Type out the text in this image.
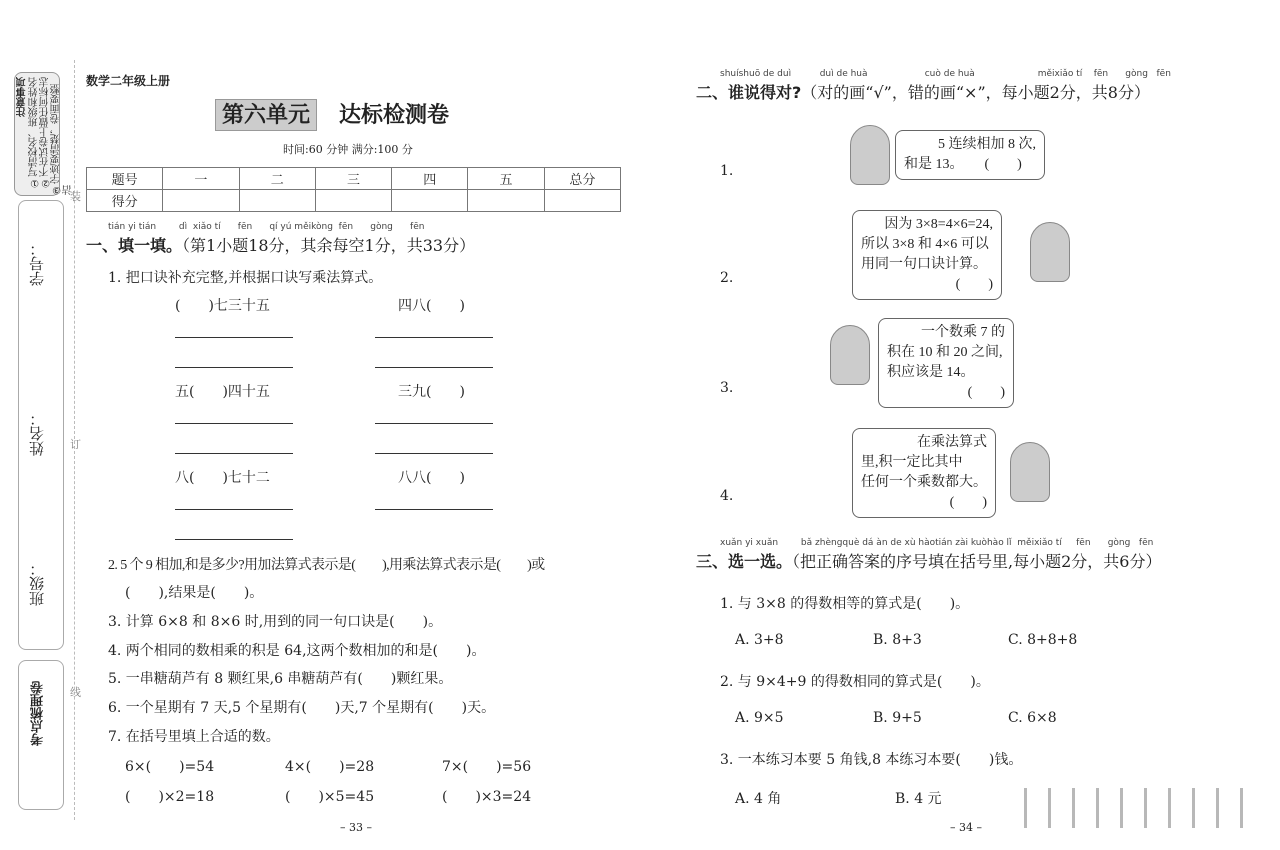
注意事项 ①写清校名、班级和姓名 ②不在试卷上做任何标志 ③字迹要清楚，卷面要整洁
学号：
姓名：
班级：
考点梳理卷
装
订
线
数学二年级上册
第六单元 达标检测卷
时间:60 分钟 满分:100 分
题号	一	二	三	四	五	总分
得分						
tián yi tián        dì  xiǎo tí      fēn      qí yú měikòng  fēn      gòng      fēn
一、填一填。（第1小题18分，其余每空1分，共33分）
1. 把口诀补充完整,并根据口诀写乘法算式。
(　　)七三十五	四八(　　)
五(　　)四十五	三九(　　)
八(　　)七十二	八八(　　)
2. 5 个 9 相加,和是多少?用加法算式表示是(　　),用乘法算式表示是(　　)或
(　　),结果是(　　)。
3. 计算 6×8 和 8×6 时,用到的同一句口诀是(　　)。
4. 两个相同的数相乘的积是 64,这两个数相加的和是(　　)。
5. 一串糖葫芦有 8 颗红果,6 串糖葫芦有(　　)颗红果。
6. 一个星期有 7 天,5 个星期有(　　)天,7 个星期有(　　)天。
7. 在括号里填上合适的数。
6×(　　)=54	4×(　　)=28	7×(　　)=56
(　　)×2=18	(　　)×5=45	(　　)×3=24
– 33 –
shuíshuō de duì          duì de huà                    cuò de huà                      měixiǎo tí    fēn      gòng   fēn
二、谁说得对?（对的画“√”，错的画“×”，每小题2分，共8分）
1.
5 连续相加 8 次,
和是 13。　　(　　)
2.
因为 3×8=4×6=24,
所以 3×8 和 4×6 可以
用同一句口诀计算。
(　　)
3.
一个数乘 7 的
积在 10 和 20 之间,
积应该是 14。
(　　)
4.
在乘法算式
里,积一定比其中
任何一个乘数都大。
(　　)
xuǎn yi xuǎn        bǎ zhèngquè dá àn de xù hàotián zài kuòhào lǐ  měixiǎo tí     fēn      gòng   fēn
三、选一选。（把正确答案的序号填在括号里,每小题2分，共6分）
1. 与 3×8 的得数相等的算式是(　　)。
A. 3+8	B. 8+3	C. 8+8+8
2. 与 9×4+9 的得数相同的算式是(　　)。
A. 9×5	B. 9+5	C. 6×8
3. 一本练习本要 5 角钱,8 本练习本要(　　)钱。
A. 4 角	B. 4 元
– 34 –
